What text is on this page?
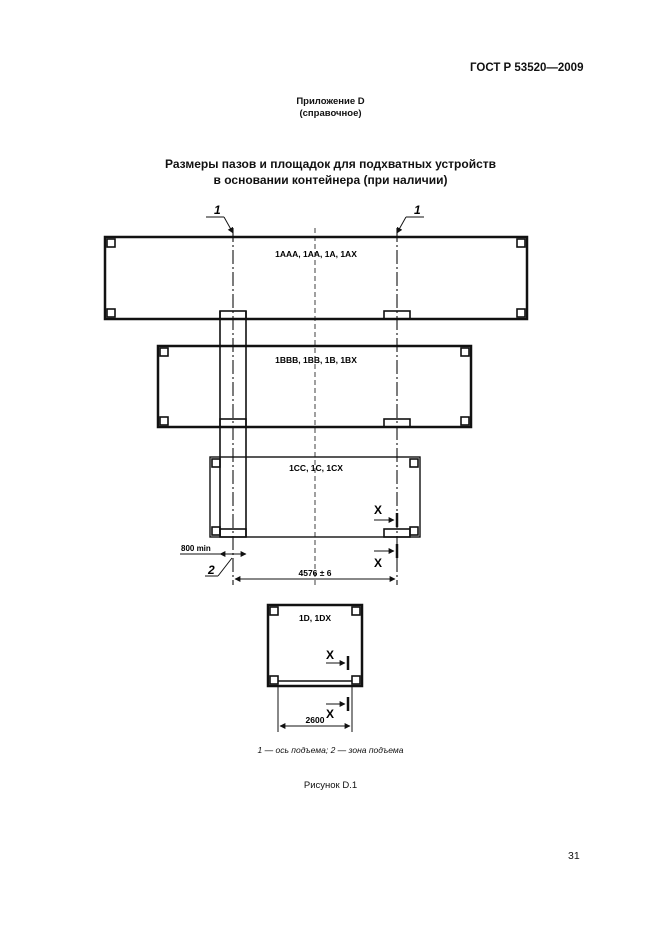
ГОСТ Р 53520—2009
Приложение D
(справочное)
Размеры пазов и площадок для подхватных устройств
в основании контейнера (при наличии)
1AAA, 1AA, 1A, 1AX
1BBB, 1BB, 1B, 1BX
1CC, 1C, 1CX
1	1
X
X
800 min
2	4576 ± 6
1D, 1DX
X
X
2600
1 — ось подъема; 2 — зона подъема
Рисунок D.1
31
